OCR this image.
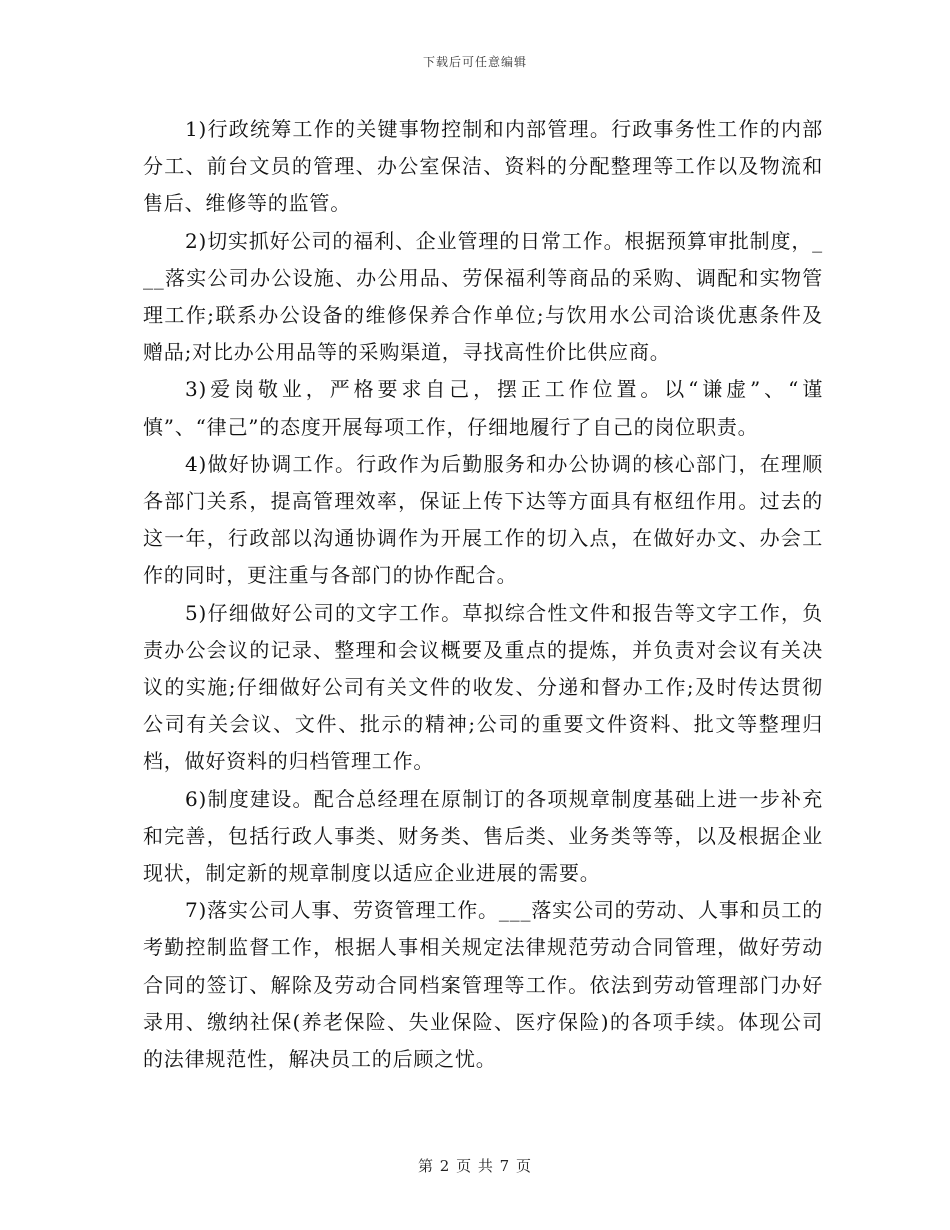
下载后可任意编辑

1)行政统筹工作的关键事物控制和内部管理。行政事务性工作的内部分工、前台文员的管理、办公室保洁、资料的分配整理等工作以及物流和售后、维修等的监管。

2)切实抓好公司的福利、企业管理的日常工作。根据预算审批制度，___落实公司办公设施、办公用品、劳保福利等商品的采购、调配和实物管理工作;联系办公设备的维修保养合作单位;与饮用水公司洽谈优惠条件及赠品;对比办公用品等的采购渠道，寻找高性价比供应商。

3)爱岗敬业，严格要求自己，摆正工作位置。以“谦虚”、“谨慎”、“律己”的态度开展每项工作，仔细地履行了自己的岗位职责。

4)做好协调工作。行政作为后勤服务和办公协调的核心部门，在理顺各部门关系，提高管理效率，保证上传下达等方面具有枢纽作用。过去的这一年，行政部以沟通协调作为开展工作的切入点，在做好办文、办会工作的同时，更注重与各部门的协作配合。

5)仔细做好公司的文字工作。草拟综合性文件和报告等文字工作，负责办公会议的记录、整理和会议概要及重点的提炼，并负责对会议有关决议的实施;仔细做好公司有关文件的收发、分递和督办工作;及时传达贯彻公司有关会议、文件、批示的精神;公司的重要文件资料、批文等整理归档，做好资料的归档管理工作。

6)制度建设。配合总经理在原制订的各项规章制度基础上进一步补充和完善，包括行政人事类、财务类、售后类、业务类等等，以及根据企业现状，制定新的规章制度以适应企业进展的需要。

7)落实公司人事、劳资管理工作。___落实公司的劳动、人事和员工的考勤控制监督工作，根据人事相关规定法律规范劳动合同管理，做好劳动合同的签订、解除及劳动合同档案管理等工作。依法到劳动管理部门办好录用、缴纳社保(养老保险、失业保险、医疗保险)的各项手续。体现公司的法律规范性，解决员工的后顾之忧。

第 2 页 共 7 页
